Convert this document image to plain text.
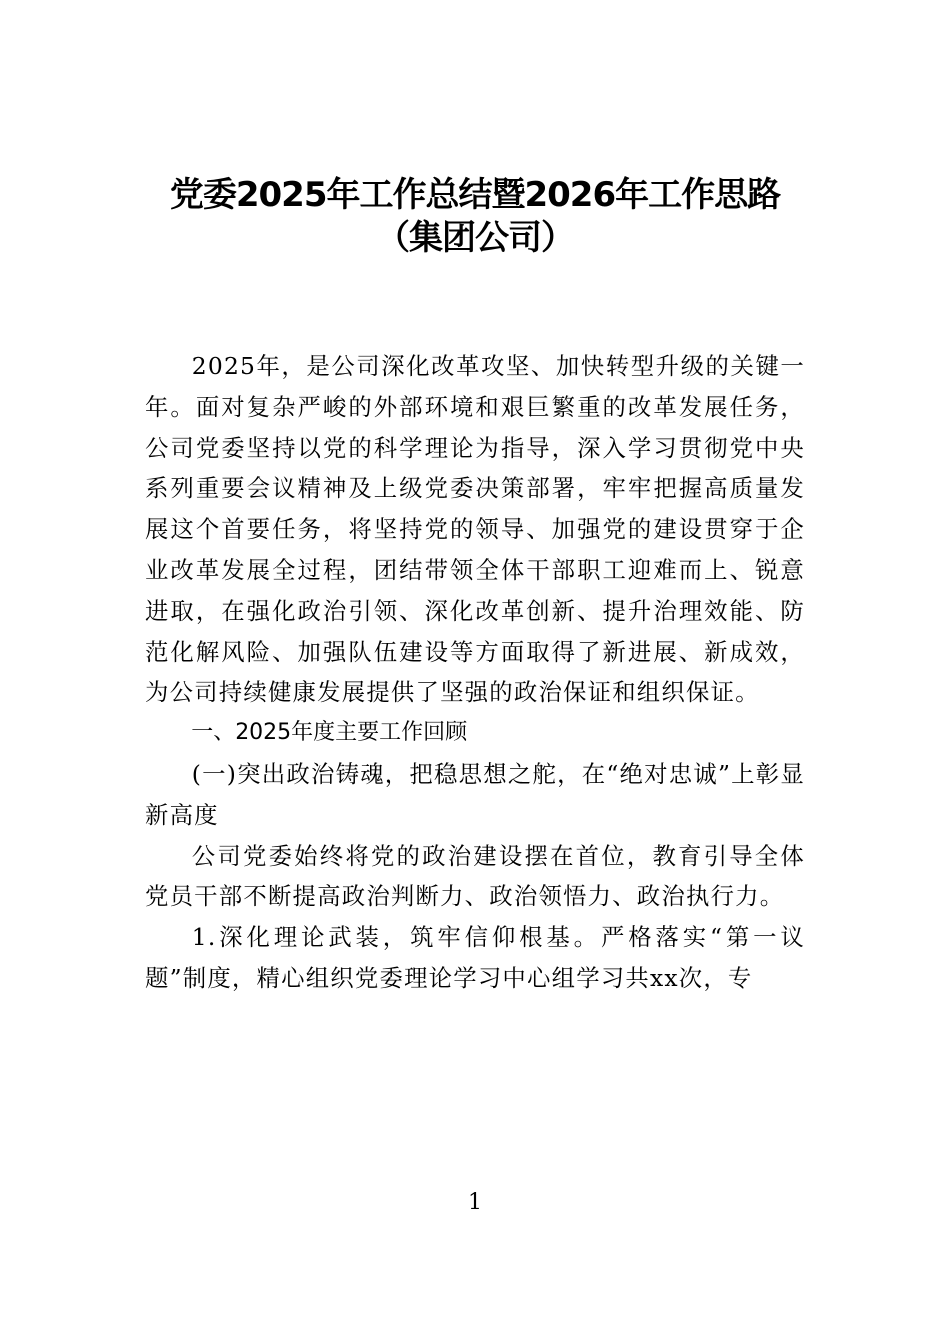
党委2025年工作总结暨2026年工作思路
（集团公司）

2025年，是公司深化改革攻坚、加快转型升级的关键一年。面对复杂严峻的外部环境和艰巨繁重的改革发展任务，公司党委坚持以党的科学理论为指导，深入学习贯彻党中央系列重要会议精神及上级党委决策部署，牢牢把握高质量发展这个首要任务，将坚持党的领导、加强党的建设贯穿于企业改革发展全过程，团结带领全体干部职工迎难而上、锐意进取，在强化政治引领、深化改革创新、提升治理效能、防范化解风险、加强队伍建设等方面取得了新进展、新成效，为公司持续健康发展提供了坚强的政治保证和组织保证。

一、2025年度主要工作回顾

(一)突出政治铸魂，把稳思想之舵，在“绝对忠诚”上彰显新高度

公司党委始终将党的政治建设摆在首位，教育引导全体党员干部不断提高政治判断力、政治领悟力、政治执行力。

1.深化理论武装，筑牢信仰根基。严格落实“第一议题”制度，精心组织党委理论学习中心组学习共xx次，专

1
